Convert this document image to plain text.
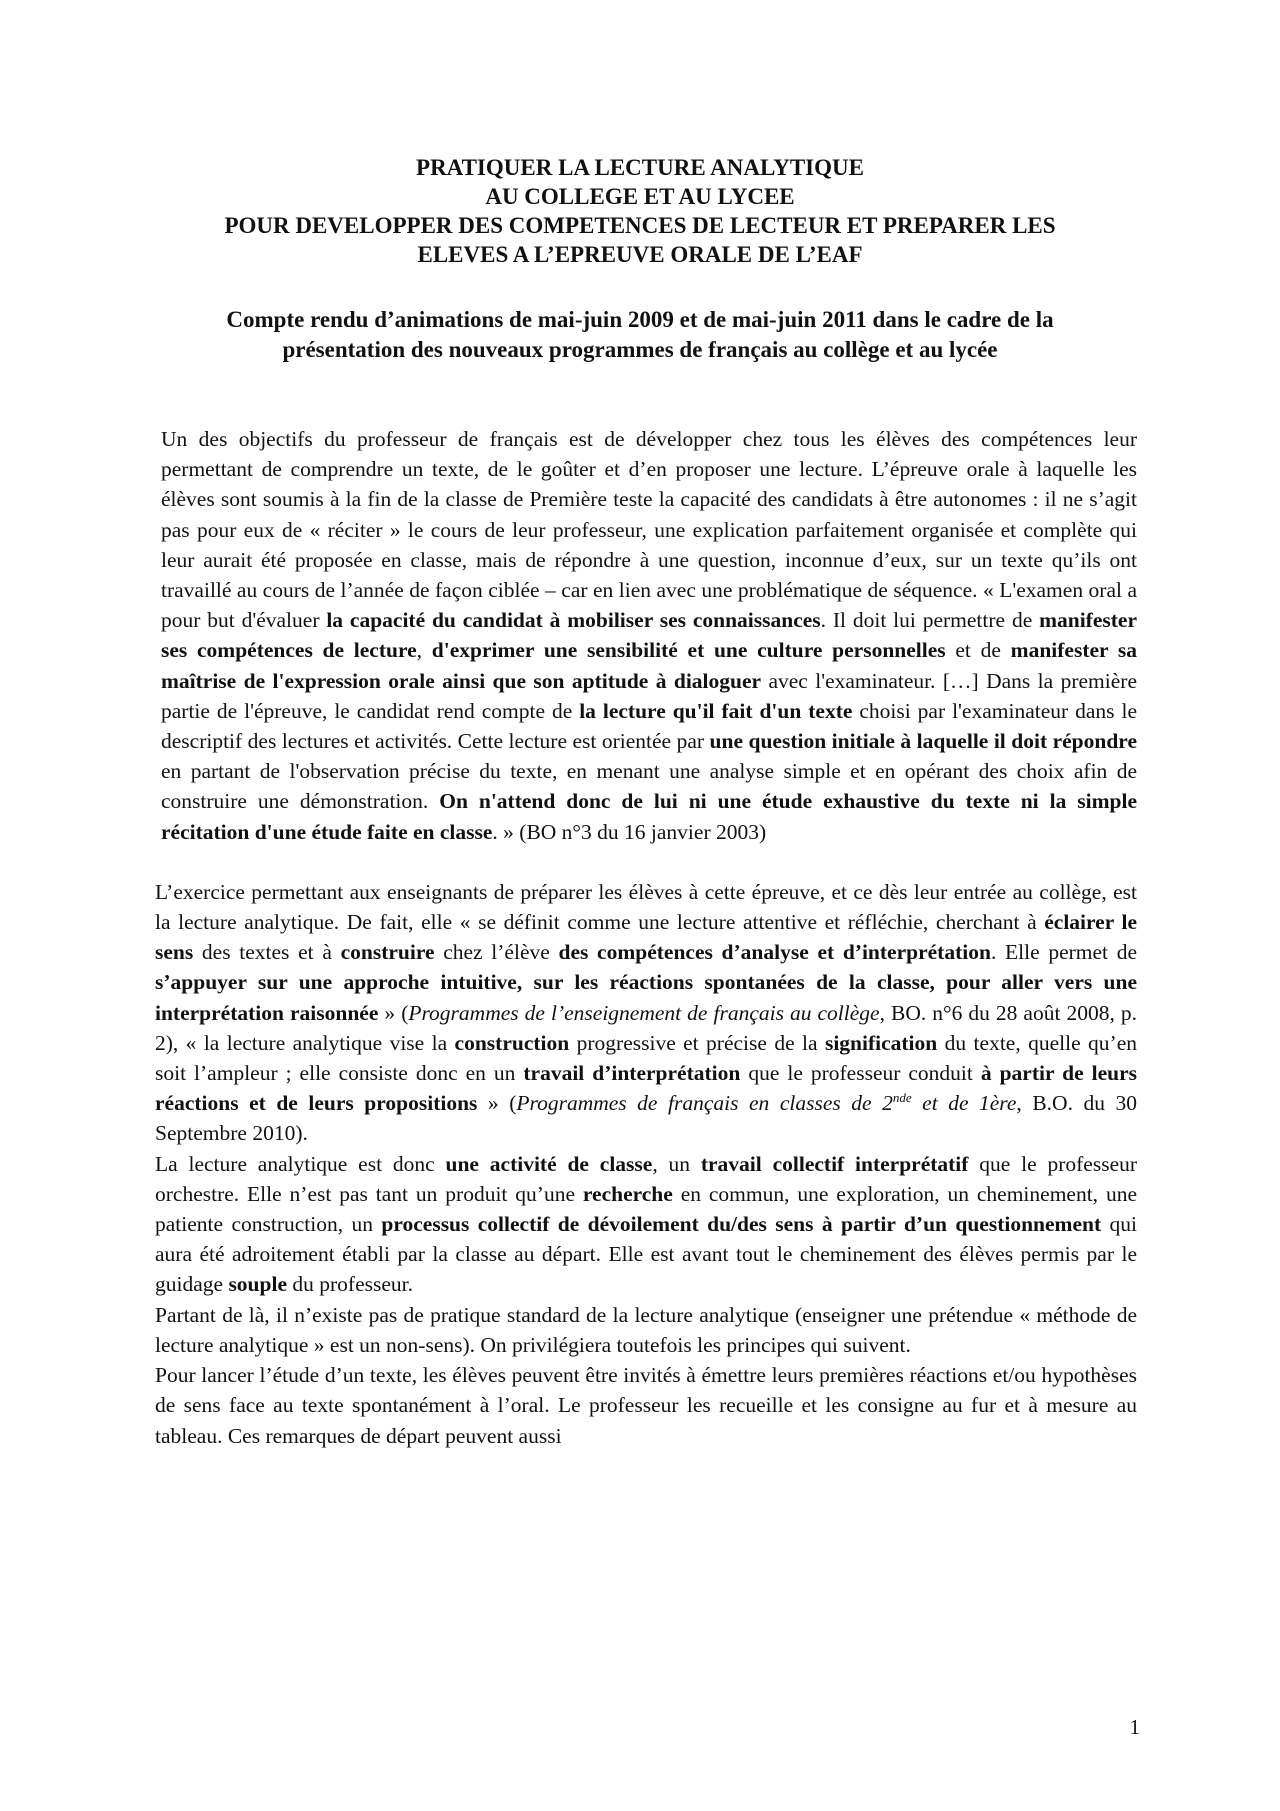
PRATIQUER LA LECTURE ANALYTIQUE
AU COLLEGE ET AU LYCEE
POUR DEVELOPPER DES COMPETENCES DE LECTEUR ET PREPARER LES
ELEVES A L’EPREUVE ORALE DE L’EAF
Compte rendu d’animations de mai-juin 2009 et de mai-juin 2011 dans le cadre de la
présentation des nouveaux programmes de français au collège et au lycée

Un des objectifs du professeur de français est de développer chez tous les élèves des compétences leur permettant de comprendre un texte, de le goûter et d’en proposer une lecture. L’épreuve orale à laquelle les élèves sont soumis à la fin de la classe de Première teste la capacité des candidats à être autonomes : il ne s’agit pas pour eux de « réciter » le cours de leur professeur, une explication parfaitement organisée et complète qui leur aurait été proposée en classe, mais de répondre à une question, inconnue d’eux, sur un texte qu’ils ont travaillé au cours de l’année de façon ciblée – car en lien avec une problématique de séquence. « L'examen oral a pour but d'évaluer la capacité du candidat à mobiliser ses connaissances. Il doit lui permettre de manifester ses compétences de lecture, d'exprimer une sensibilité et une culture personnelles et de manifester sa maîtrise de l'expression orale ainsi que son aptitude à dialoguer avec l'examinateur. […] Dans la première partie de l'épreuve, le candidat rend compte de la lecture qu'il fait d'un texte choisi par l'examinateur dans le descriptif des lectures et activités. Cette lecture est orientée par une question initiale à laquelle il doit répondre en partant de l'observation précise du texte, en menant une analyse simple et en opérant des choix afin de construire une démonstration. On n'attend donc de lui ni une étude exhaustive du texte ni la simple récitation d'une étude faite en classe. » (BO n°3 du 16 janvier 2003)

L’exercice permettant aux enseignants de préparer les élèves à cette épreuve, et ce dès leur entrée au collège, est la lecture analytique. De fait, elle « se définit comme une lecture attentive et réfléchie, cherchant à éclairer le sens des textes et à construire chez l’élève des compétences d’analyse et d’interprétation. Elle permet de s’appuyer sur une approche intuitive, sur les réactions spontanées de la classe, pour aller vers une interprétation raisonnée » (Programmes de l’enseignement de français au collège, BO. n°6 du 28 août 2008, p. 2), « la lecture analytique vise la construction progressive et précise de la signification du texte, quelle qu’en soit l’ampleur ; elle consiste donc en un travail d’interprétation que le professeur conduit à partir de leurs réactions et de leurs propositions » (Programmes de français en classes de 2nde et de 1ère, B.O. du 30 Septembre 2010).

La lecture analytique est donc une activité de classe, un travail collectif interprétatif que le professeur orchestre. Elle n’est pas tant un produit qu’une recherche en commun, une exploration, un cheminement, une patiente construction, un processus collectif de dévoilement du/des sens à partir d’un questionnement qui aura été adroitement établi par la classe au départ. Elle est avant tout le cheminement des élèves permis par le guidage souple du professeur.

Partant de là, il n’existe pas de pratique standard de la lecture analytique (enseigner une prétendue « méthode de lecture analytique » est un non-sens). On privilégiera toutefois les principes qui suivent.

Pour lancer l’étude d’un texte, les élèves peuvent être invités à émettre leurs premières réactions et/ou hypothèses de sens face au texte spontanément à l’oral. Le professeur les recueille et les consigne au fur et à mesure au tableau. Ces remarques de départ peuvent aussi

1
